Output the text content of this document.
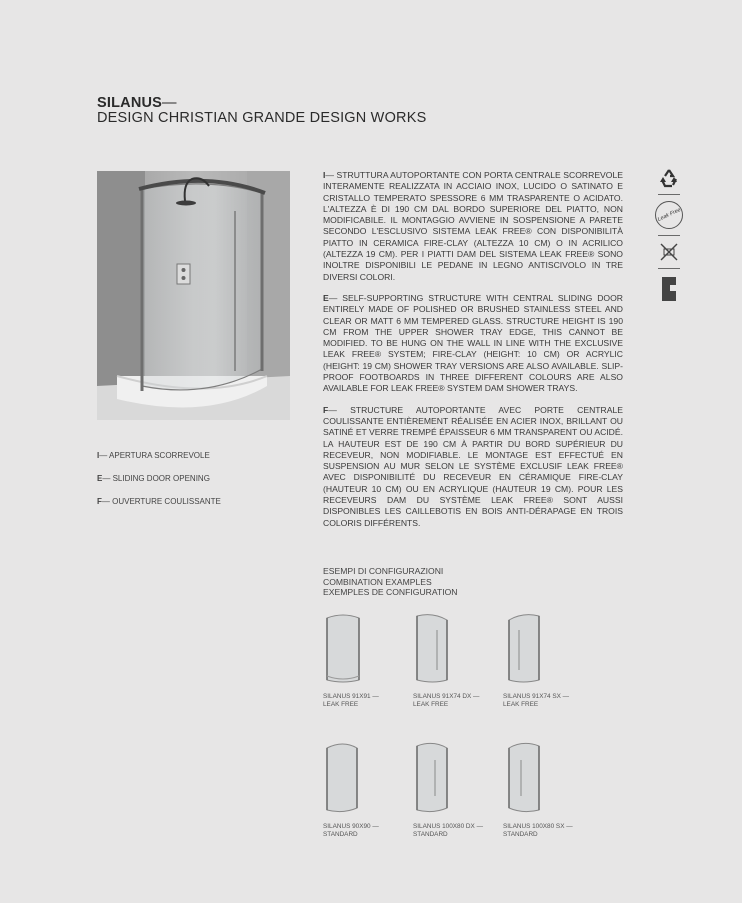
SILANUS—
DESIGN CHRISTIAN GRANDE DESIGN WORKS
I— APERTURA SCORREVOLE
E— SLIDING DOOR OPENING
F— OUVERTURE COULISSANTE

I— STRUTTURA AUTOPORTANTE CON PORTA CENTRALE SCORREVOLE INTERAMENTE REALIZZATA IN ACCIAIO INOX, LUCIDO O SATINATO E CRISTALLO TEMPERATO SPESSORE 6 MM TRASPARENTE O ACIDATO. L'ALTEZZA È DI 190 CM DAL BORDO SUPERIORE DEL PIATTO, NON MODIFICABILE. IL MONTAGGIO AVVIENE IN SOSPENSIONE A PARETE SECONDO L'ESCLUSIVO SISTEMA LEAK FREE® CON DISPONIBILITÀ PIATTO IN CERAMICA FIRE-CLAY (ALTEZZA 10 CM) O IN ACRILICO (ALTEZZA 19 CM). PER I PIATTI DAM DEL SISTEMA LEAK FREE® SONO INOLTRE DISPONIBILI LE PEDANE IN LEGNO ANTISCIVOLO IN TRE DIVERSI COLORI.

E— SELF-SUPPORTING STRUCTURE WITH CENTRAL SLIDING DOOR ENTIRELY MADE OF POLISHED OR BRUSHED STAINLESS STEEL AND CLEAR OR MATT 6 MM TEMPERED GLASS. STRUCTURE HEIGHT IS 190 CM FROM THE UPPER SHOWER TRAY EDGE, THIS CANNOT BE MODIFIED. TO BE HUNG ON THE WALL IN LINE WITH THE EXCLUSIVE LEAK FREE® SYSTEM; FIRE-CLAY (HEIGHT: 10 CM) OR ACRYLIC (HEIGHT: 19 CM) SHOWER TRAY VERSIONS ARE ALSO AVAILABLE. SLIP-PROOF FOOTBOARDS IN THREE DIFFERENT COLOURS ARE ALSO AVAILABLE FOR LEAK FREE® SYSTEM DAM SHOWER TRAYS.

F— STRUCTURE AUTOPORTANTE AVEC PORTE CENTRALE COULISSANTE ENTIÈREMENT RÉALISÉE EN ACIER INOX, BRILLANT OU SATINÉ ET VERRE TREMPÉ ÉPAISSEUR 6 MM TRANSPARENT OU ACIDÉ. LA HAUTEUR EST DE 190 CM À PARTIR DU BORD SUPÉRIEUR DU RECEVEUR, NON MODIFIABLE. LE MONTAGE EST EFFECTUÉ EN SUSPENSION AU MUR SELON LE SYSTÈME EXCLUSIF LEAK FREE® AVEC DISPONIBILITÉ DU RECEVEUR EN CÉRAMIQUE FIRE-CLAY (HAUTEUR 10 CM) OU EN ACRYLIQUE (HAUTEUR 19 CM). POUR LES RECEVEURS DAM DU SYSTÈME LEAK FREE® SONT AUSSI DISPONIBLES LES CAILLEBOTIS EN BOIS ANTI-DÉRAPAGE EN TROIS COLORIS DIFFÉRENTS.

Leak Free
ESEMPI DI CONFIGURAZIONI
COMBINATION EXAMPLES
EXEMPLES DE CONFIGURATION
SILANUS 91X91 —
LEAK FREE
SILANUS 91X74 DX —
LEAK FREE
SILANUS 91X74 SX —
LEAK FREE
SILANUS 90X90 —
STANDARD
SILANUS 100X80 DX —
STANDARD
SILANUS 100X80 SX —
STANDARD
